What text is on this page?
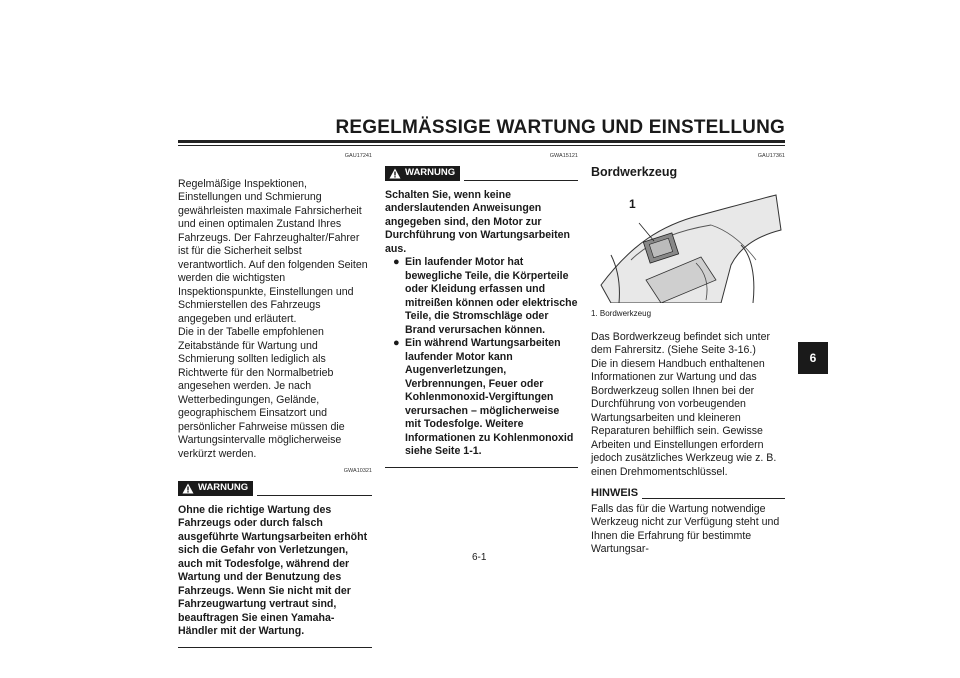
REGELMÄSSIGE WARTUNG UND EINSTELLUNG

GAU17241

Regelmäßige Inspektionen, Einstellungen und Schmierung gewährleisten maximale Fahrsicherheit und einen optimalen Zustand Ihres Fahrzeugs. Der Fahrzeughalter/Fahrer ist für die Sicherheit selbst verantwortlich. Auf den folgenden Seiten werden die wichtigsten Inspektionspunkte, Einstellungen und Schmierstellen des Fahrzeugs angegeben und erläutert.

Die in der Tabelle empfohlenen Zeitabstände für Wartung und Schmierung sollten lediglich als Richtwerte für den Normalbetrieb angesehen werden. Je nach Wetterbedingungen, Gelände, geographischem Einsatzort und persönlicher Fahrweise müssen die Wartungsintervalle möglicherweise verkürzt werden.

GWA10321

WARNUNG

Ohne die richtige Wartung des Fahrzeugs oder durch falsch ausgeführte Wartungsarbeiten erhöht sich die Gefahr von Verletzungen, auch mit Todesfolge, während der Wartung und der Benutzung des Fahrzeugs. Wenn Sie nicht mit der Fahrzeugwartung vertraut sind, beauftragen Sie einen Yamaha-Händler mit der Wartung.

GWA15121

WARNUNG

Schalten Sie, wenn keine anderslautenden Anweisungen angegeben sind, den Motor zur Durchführung von Wartungsarbeiten aus.

● Ein laufender Motor hat bewegliche Teile, die Körperteile oder Kleidung erfassen und mitreißen können oder elektrische Teile, die Stromschläge oder Brand verursachen können.
● Ein während Wartungsarbeiten laufender Motor kann Augenverletzungen, Verbrennungen, Feuer oder Kohlenmonoxid-Vergiftungen verursachen – möglicherweise mit Todesfolge. Weitere Informationen zu Kohlenmonoxid siehe Seite 1-1.

GAU17361

Bordwerkzeug
1

1. Bordwerkzeug

Das Bordwerkzeug befindet sich unter dem Fahrersitz. (Siehe Seite 3-16.)

Die in diesem Handbuch enthaltenen Informationen zur Wartung und das Bordwerkzeug sollen Ihnen bei der Durchführung von vorbeugenden Wartungsarbeiten und kleineren Reparaturen behilflich sein. Gewisse Arbeiten und Einstellungen erfordern jedoch zusätzliches Werkzeug wie z. B. einen Drehmomentschlüssel.

HINWEIS

Falls das für die Wartung notwendige Werkzeug nicht zur Verfügung steht und Ihnen die Erfahrung für bestimmte Wartungsar-

6
6-1
